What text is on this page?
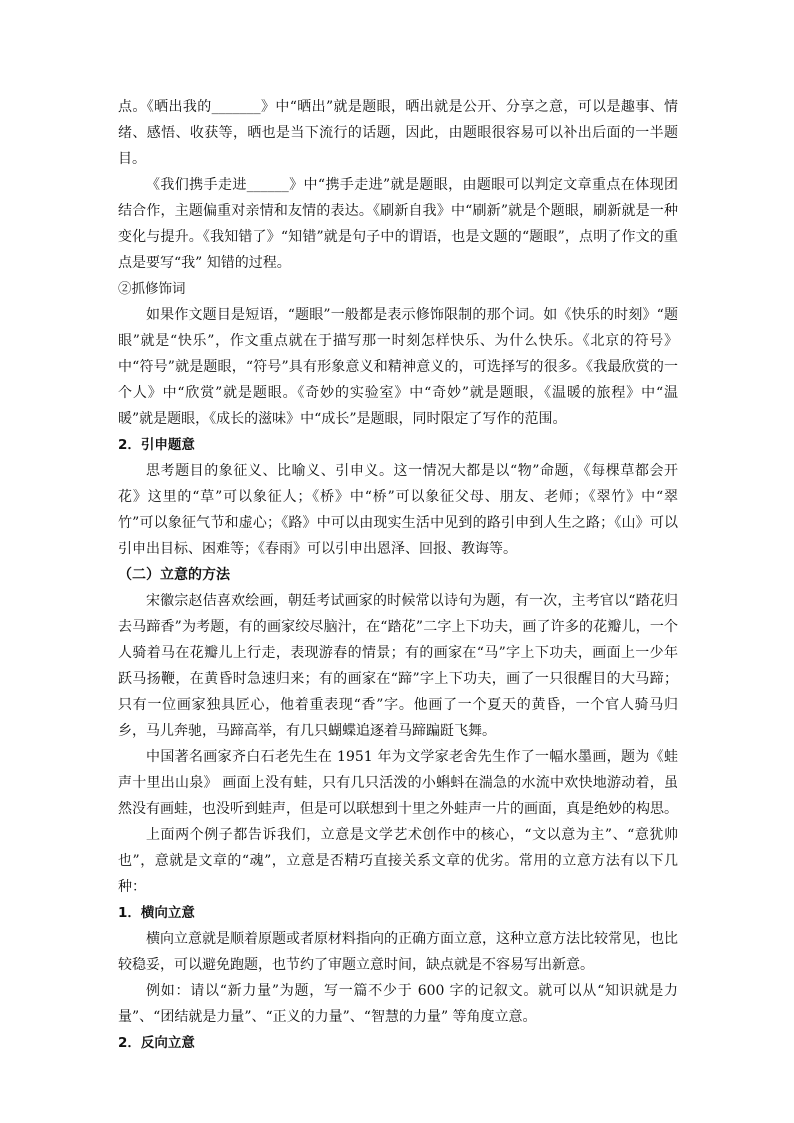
点。《晒出我的_______》中“晒出”就是题眼，晒出就是公开、分享之意，可以是趣事、情绪、感悟、收获等，晒也是当下流行的话题，因此，由题眼很容易可以补出后面的一半题目。

《我们携手走进______》中“携手走进”就是题眼，由题眼可以判定文章重点在体现团结合作，主题偏重对亲情和友情的表达。《刷新自我》中“刷新”就是个题眼，刷新就是一种变化与提升。《我知错了》“知错”就是句子中的谓语，也是文题的“题眼”，点明了作文的重点是要写“我” 知错的过程。

②抓修饰词

如果作文题目是短语，“题眼”一般都是表示修饰限制的那个词。如《快乐的时刻》“题眼”就是“快乐”，作文重点就在于描写那一时刻怎样快乐、为什么快乐。《北京的符号》中“符号”就是题眼，“符号”具有形象意义和精神意义的，可选择写的很多。《我最欣赏的一个人》中“欣赏”就是题眼。《奇妙的实验室》中“奇妙”就是题眼，《温暖的旅程》中“温暖”就是题眼，《成长的滋味》中“成长”是题眼，同时限定了写作的范围。

2．引申题意

思考题目的象征义、比喻义、引申义。这一情况大都是以“物”命题，《每棵草都会开花》这里的“草”可以象征人；《桥》中“桥”可以象征父母、朋友、老师；《翠竹》中“翠竹”可以象征气节和虚心；《路》中可以由现实生活中见到的路引申到人生之路；《山》可以引申出目标、困难等；《春雨》可以引申出恩泽、回报、教诲等。

（二）立意的方法

宋徽宗赵佶喜欢绘画，朝廷考试画家的时候常以诗句为题，有一次，主考官以“踏花归去马蹄香”为考题，有的画家绞尽脑汁，在“踏花”二字上下功夫，画了许多的花瓣儿，一个人骑着马在花瓣儿上行走，表现游春的情景；有的画家在“马”字上下功夫，画面上一少年跃马扬鞭，在黄昏时急速归来；有的画家在“蹄”字上下功夫，画了一只很醒目的大马蹄；只有一位画家独具匠心，他着重表现“香”字。他画了一个夏天的黄昏，一个官人骑马归乡，马儿奔驰，马蹄高举，有几只蝴蝶追逐着马蹄蹁跹飞舞。

中国著名画家齐白石老先生在 1951 年为文学家老舍先生作了一幅水墨画，题为《蛙声十里出山泉》 画面上没有蛙，只有几只活泼的小蝌蚪在湍急的水流中欢快地游动着，虽然没有画蛙，也没听到蛙声，但是可以联想到十里之外蛙声一片的画面，真是绝妙的构思。

上面两个例子都告诉我们，立意是文学艺术创作中的核心，“文以意为主”、“意犹帅也”，意就是文章的“魂”，立意是否精巧直接关系文章的优劣。常用的立意方法有以下几种：

1．横向立意

横向立意就是顺着原题或者原材料指向的正确方面立意，这种立意方法比较常见，也比较稳妥，可以避免跑题，也节约了审题立意时间，缺点就是不容易写出新意。

例如：请以“新力量”为题，写一篇不少于 600 字的记叙文。就可以从“知识就是力量”、“团结就是力量”、“正义的力量”、“智慧的力量” 等角度立意。

2．反向立意
